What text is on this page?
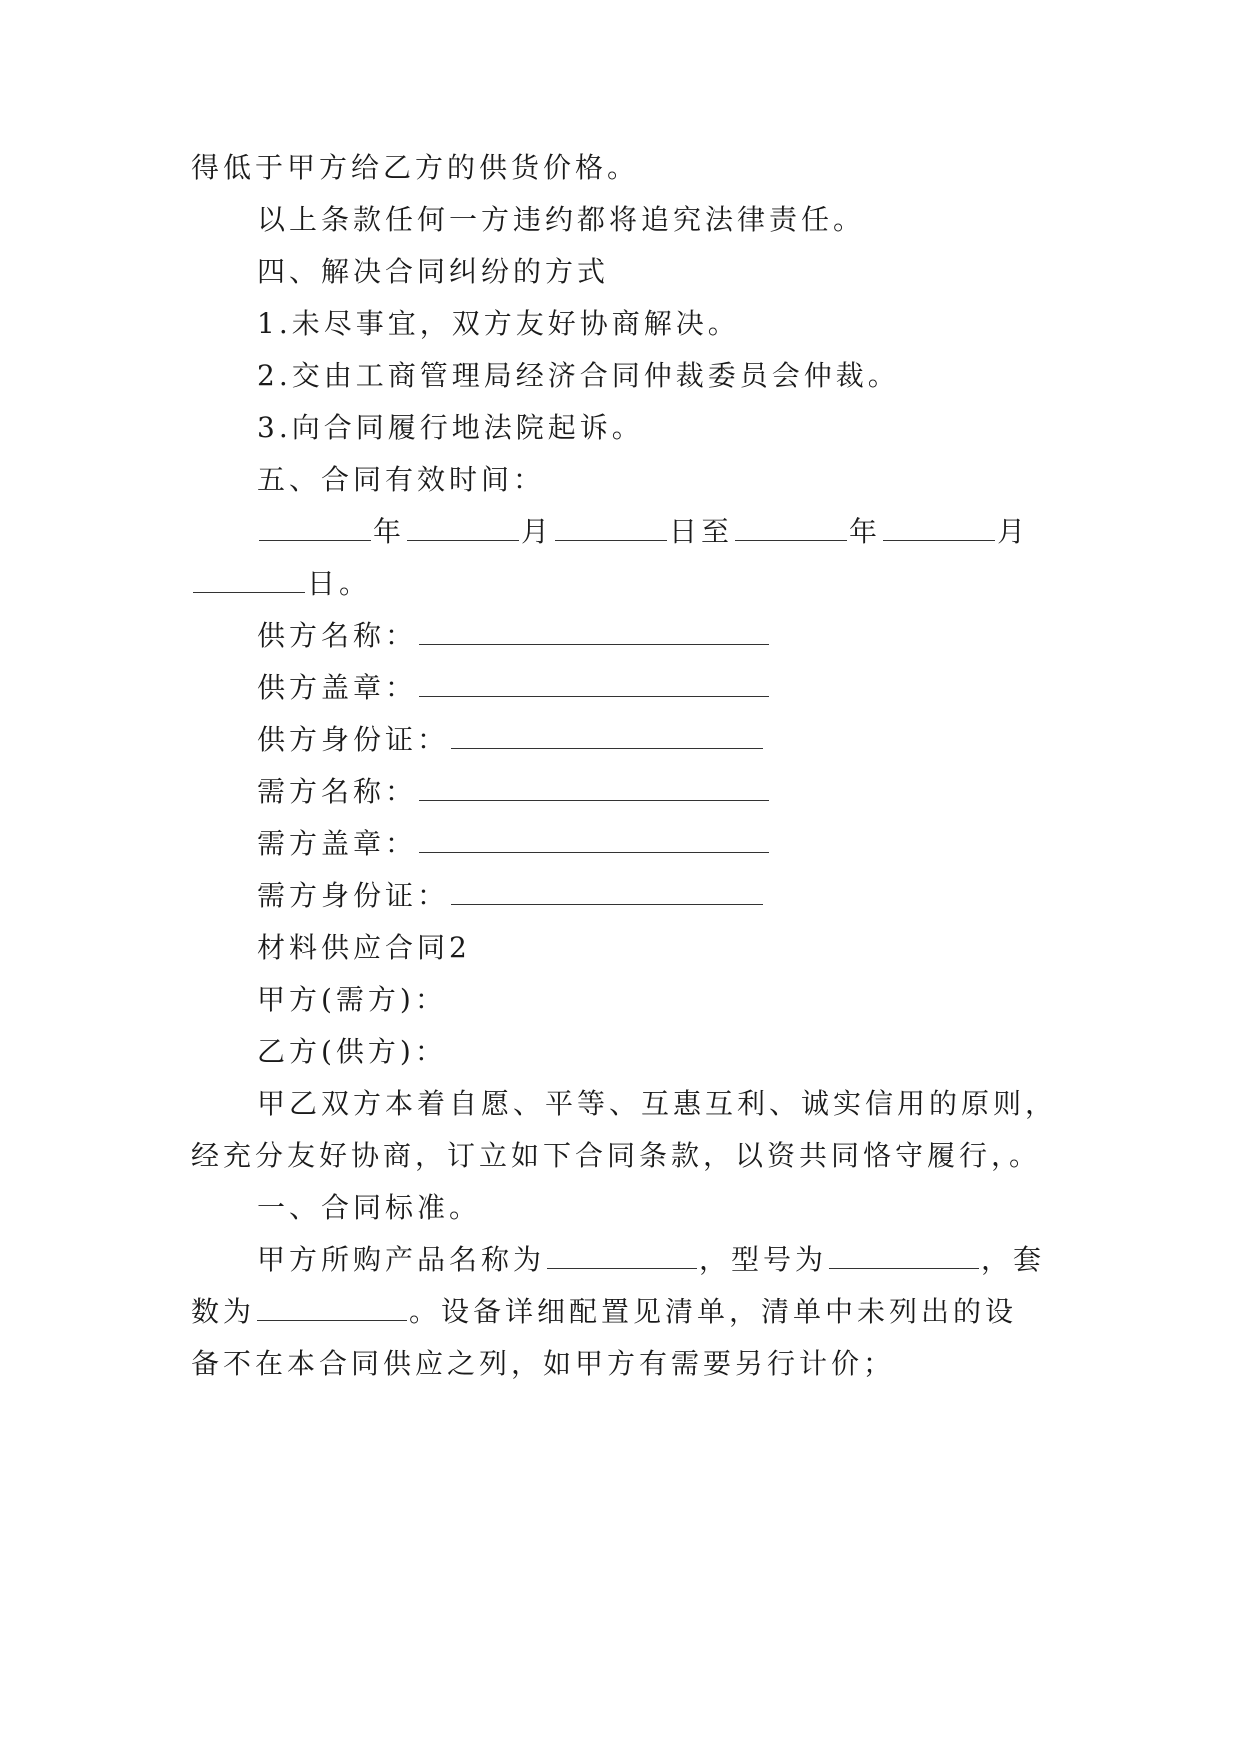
得低于甲方给乙方的供货价格。
以上条款任何一方违约都将追究法律责任。
四、解决合同纠纷的方式
1.未尽事宜，双方友好协商解决。
2.交由工商管理局经济合同仲裁委员会仲裁。
3.向合同履行地法院起诉。
五、合同有效时间：
年	月	日至	年	月
日。
供方名称：
供方盖章：
供方身份证：
需方名称：
需方盖章：
需方身份证：
材料供应合同2
甲方(需方)：
乙方(供方)：
甲乙双方本着自愿、平等、互惠互利、诚实信用的原则，
经充分友好协商，订立如下合同条款，以资共同恪守履行，。
一、合同标准。
甲方所购产品名称为	，型号为	，套
数为	。设备详细配置见清单，清单中未列出的设
备不在本合同供应之列，如甲方有需要另行计价；
